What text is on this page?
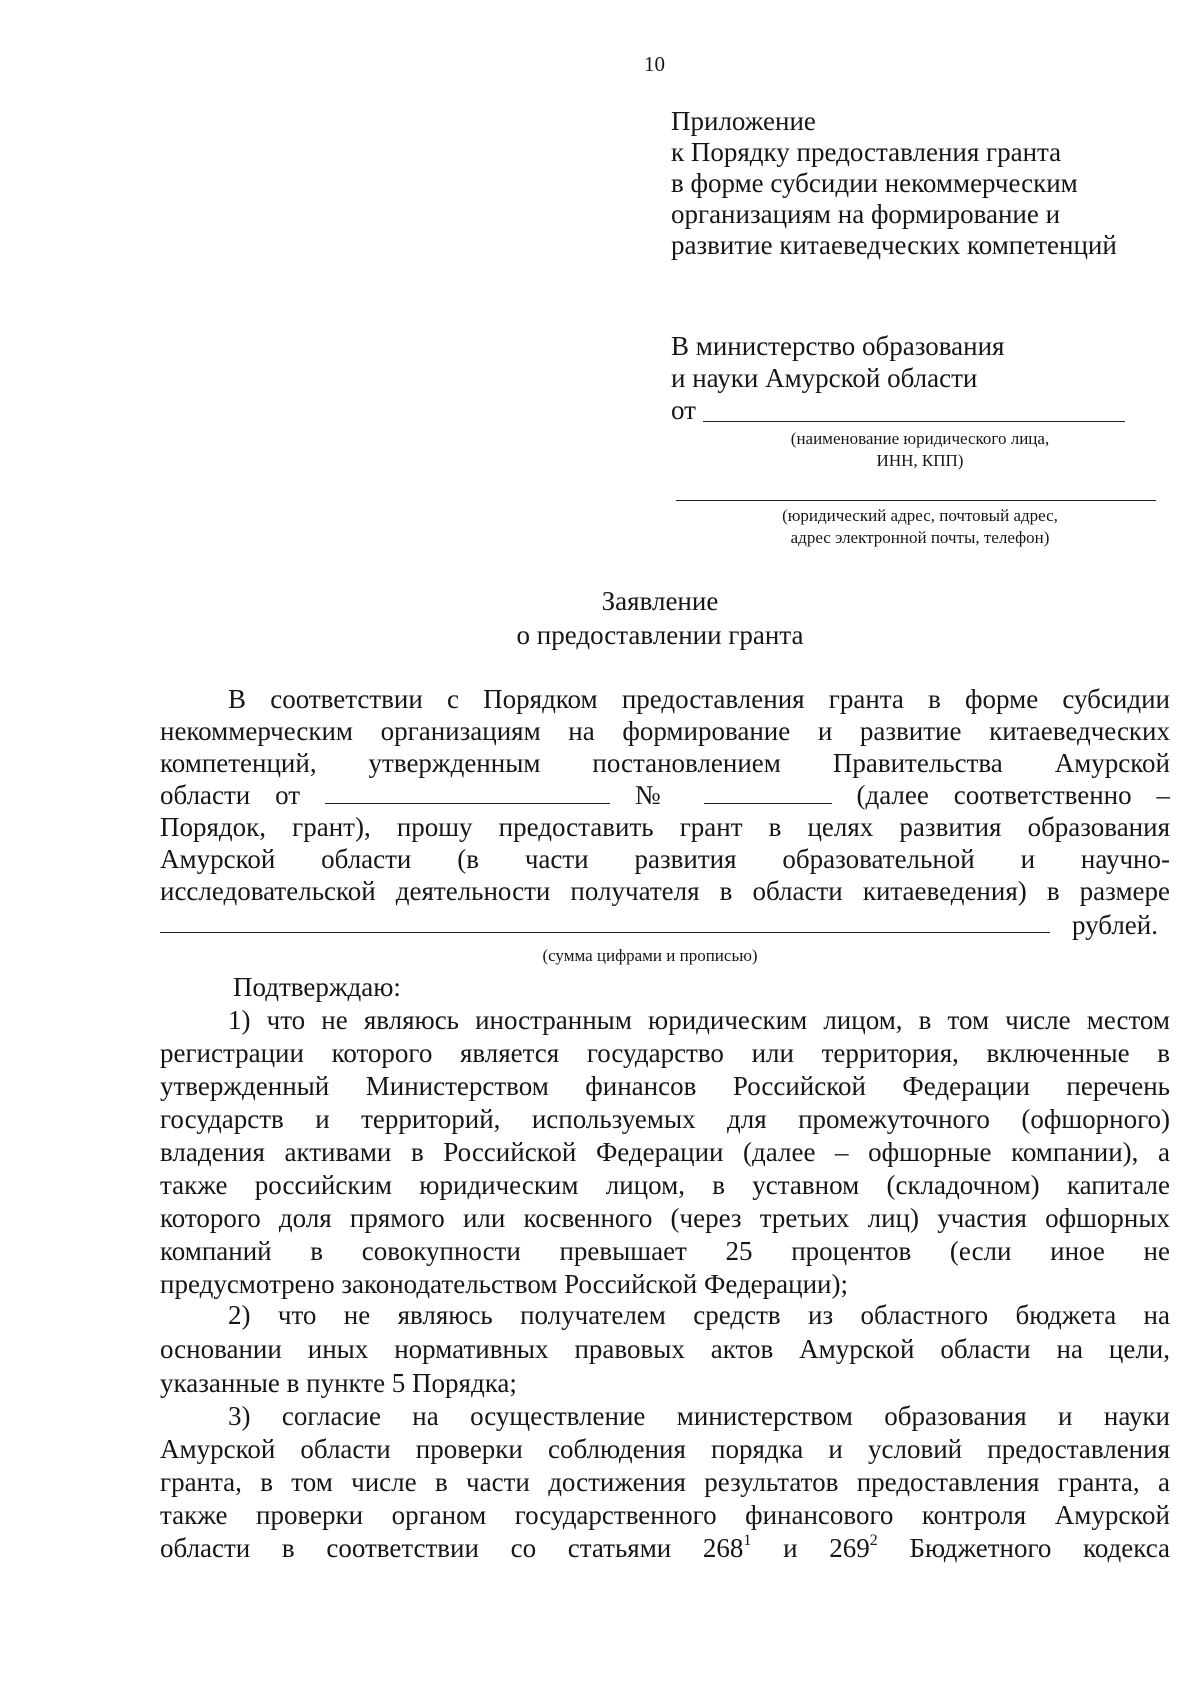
10
Приложение
к Порядку предоставления гранта
в форме субсидии некоммерческим
организациям на формирование и
развитие китаеведческих компетенций
В министерство образования
и науки Амурской области
от
(наименование юридического лица,
ИНН, КПП)
(юридический адрес, почтовый адрес,
адрес электронной почты, телефон)
Заявление
о предоставлении гранта
В соответствии с Порядком предоставления гранта в форме субсидии
некоммерческим организациям на формирование и развитие китаеведческих
компетенций, утвержденным постановлением Правительства Амурской
области от	№	(далее соответственно –
Порядок, грант), прошу предоставить грант в целях развития образования
Амурской области (в части развития образовательной и научно-
исследовательской деятельности получателя в области китаеведения) в размере
рублей.
(сумма цифрами и прописью)
Подтверждаю:
1) что не являюсь иностранным юридическим лицом, в том числе местом
регистрации которого является государство или территория, включенные в
утвержденный Министерством финансов Российской Федерации перечень
государств и территорий, используемых для промежуточного (офшорного)
владения активами в Российской Федерации (далее – офшорные компании), а
также российским юридическим лицом, в уставном (складочном) капитале
которого доля прямого или косвенного (через третьих лиц) участия офшорных
компаний в совокупности превышает 25 процентов (если иное не
предусмотрено законодательством Российской Федерации);
2) что не являюсь получателем средств из областного бюджета на
основании иных нормативных правовых актов Амурской области на цели,
указанные в пункте 5 Порядка;
3) согласие на осуществление министерством образования и науки
Амурской области проверки соблюдения порядка и условий предоставления
гранта, в том числе в части достижения результатов предоставления гранта, а
также проверки органом государственного финансового контроля Амурской
области в соответствии со статьями $268^1$ и $269^2$ Бюджетного кодекса
